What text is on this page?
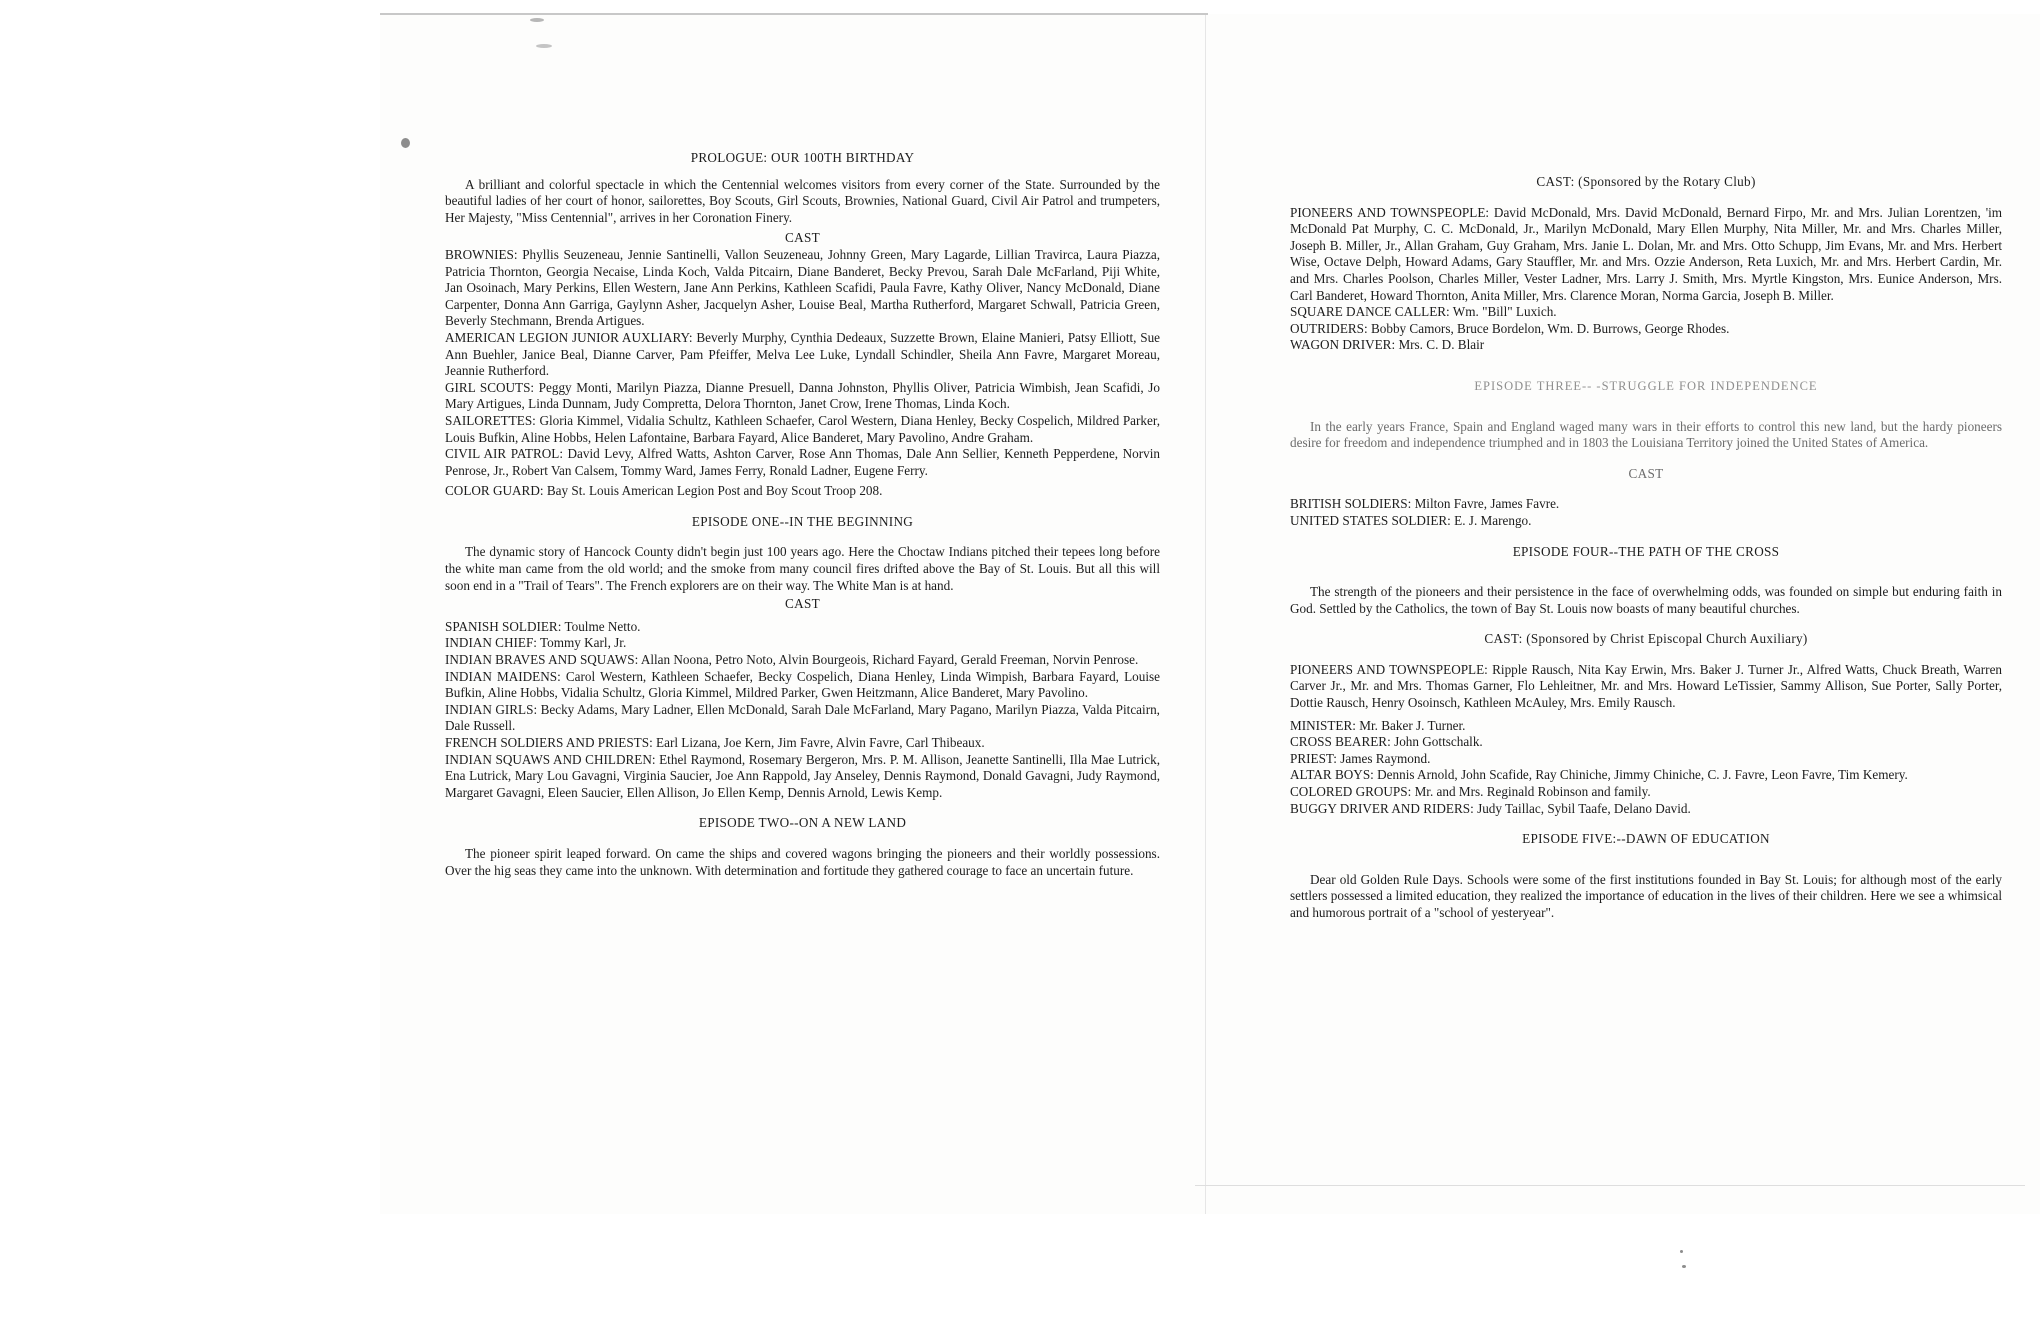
PROLOGUE: OUR 100TH BIRTHDAY

A brilliant and colorful spectacle in which the Centennial welcomes visitors from every corner of the State. Surrounded by the beautiful ladies of her court of honor, sailorettes, Boy Scouts, Girl Scouts, Brownies, National Guard, Civil Air Patrol and trumpeters, Her Majesty, "Miss Centennial", arrives in her Coronation Finery.

CAST

BROWNIES: Phyllis Seuzeneau, Jennie Santinelli, Vallon Seuzeneau, Johnny Green, Mary Lagarde, Lillian Travirca, Laura Piazza, Patricia Thornton, Georgia Necaise, Linda Koch, Valda Pitcairn, Diane Banderet, Becky Prevou, Sarah Dale McFarland, Piji White, Jan Osoinach, Mary Perkins, Ellen Western, Jane Ann Perkins, Kathleen Scafidi, Paula Favre, Kathy Oliver, Nancy McDonald, Diane Carpenter, Donna Ann Garriga, Gaylynn Asher, Jacquelyn Asher, Louise Beal, Martha Rutherford, Margaret Schwall, Patricia Green, Beverly Stechmann, Brenda Artigues.

AMERICAN LEGION JUNIOR AUXLIARY: Beverly Murphy, Cynthia Dedeaux, Suzzette Brown, Elaine Manieri, Patsy Elliott, Sue Ann Buehler, Janice Beal, Dianne Carver, Pam Pfeiffer, Melva Lee Luke, Lyndall Schindler, Sheila Ann Favre, Margaret Moreau, Jeannie Rutherford.

GIRL SCOUTS: Peggy Monti, Marilyn Piazza, Dianne Presuell, Danna Johnston, Phyllis Oliver, Patricia Wimbish, Jean Scafidi, Jo Mary Artigues, Linda Dunnam, Judy Compretta, Delora Thornton, Janet Crow, Irene Thomas, Linda Koch.

SAILORETTES: Gloria Kimmel, Vidalia Schultz, Kathleen Schaefer, Carol Western, Diana Henley, Becky Cospelich, Mildred Parker, Louis Bufkin, Aline Hobbs, Helen Lafontaine, Barbara Fayard, Alice Banderet, Mary Pavolino, Andre Graham.

CIVIL AIR PATROL: David Levy, Alfred Watts, Ashton Carver, Rose Ann Thomas, Dale Ann Sellier, Kenneth Pepperdene, Norvin Penrose, Jr., Robert Van Calsem, Tommy Ward, James Ferry, Ronald Ladner, Eugene Ferry.

COLOR GUARD: Bay St. Louis American Legion Post and Boy Scout Troop 208.

EPISODE ONE--IN THE BEGINNING

The dynamic story of Hancock County didn't begin just 100 years ago. Here the Choctaw Indians pitched their tepees long before the white man came from the old world; and the smoke from many council fires drifted above the Bay of St. Louis. But all this will soon end in a "Trail of Tears". The French explorers are on their way. The White Man is at hand.

CAST

SPANISH SOLDIER: Toulme Netto.

INDIAN CHIEF: Tommy Karl, Jr.

INDIAN BRAVES AND SQUAWS: Allan Noona, Petro Noto, Alvin Bourgeois, Richard Fayard, Gerald Freeman, Norvin Penrose.

INDIAN MAIDENS: Carol Western, Kathleen Schaefer, Becky Cospelich, Diana Henley, Linda Wimpish, Barbara Fayard, Louise Bufkin, Aline Hobbs, Vidalia Schultz, Gloria Kimmel, Mildred Parker, Gwen Heitzmann, Alice Banderet, Mary Pavolino.

INDIAN GIRLS: Becky Adams, Mary Ladner, Ellen McDonald, Sarah Dale McFarland, Mary Pagano, Marilyn Piazza, Valda Pitcairn, Dale Russell.

FRENCH SOLDIERS AND PRIESTS: Earl Lizana, Joe Kern, Jim Favre, Alvin Favre, Carl Thibeaux.

INDIAN SQUAWS AND CHILDREN: Ethel Raymond, Rosemary Bergeron, Mrs. P. M. Allison, Jeanette Santinelli, Illa Mae Lutrick, Ena Lutrick, Mary Lou Gavagni, Virginia Saucier, Joe Ann Rappold, Jay Anseley, Dennis Raymond, Donald Gavagni, Judy Raymond, Margaret Gavagni, Eleen Saucier, Ellen Allison, Jo Ellen Kemp, Dennis Arnold, Lewis Kemp.

EPISODE TWO--ON A NEW LAND

The pioneer spirit leaped forward. On came the ships and covered wagons bringing the pioneers and their worldly possessions. Over the hig seas they came into the unknown. With determination and fortitude they gathered courage to face an uncertain future.

CAST: (Sponsored by the Rotary Club)

PIONEERS AND TOWNSPEOPLE: David McDonald, Mrs. David McDonald, Bernard Firpo, Mr. and Mrs. Julian Lorentzen, 'im McDonald Pat Murphy, C. C. McDonald, Jr., Marilyn McDonald, Mary Ellen Murphy, Nita Miller, Mr. and Mrs. Charles Miller, Joseph B. Miller, Jr., Allan Graham, Guy Graham, Mrs. Janie L. Dolan, Mr. and Mrs. Otto Schupp, Jim Evans, Mr. and Mrs. Herbert Wise, Octave Delph, Howard Adams, Gary Stauffler, Mr. and Mrs. Ozzie Anderson, Reta Luxich, Mr. and Mrs. Herbert Cardin, Mr. and Mrs. Charles Poolson, Charles Miller, Vester Ladner, Mrs. Larry J. Smith, Mrs. Myrtle Kingston, Mrs. Eunice Anderson, Mrs. Carl Banderet, Howard Thornton, Anita Miller, Mrs. Clarence Moran, Norma Garcia, Joseph B. Miller.

SQUARE DANCE CALLER: Wm. "Bill" Luxich.

OUTRIDERS: Bobby Camors, Bruce Bordelon, Wm. D. Burrows, George Rhodes.

WAGON DRIVER: Mrs. C. D. Blair

EPISODE THREE-- -STRUGGLE FOR INDEPENDENCE

In the early years France, Spain and England waged many wars in their efforts to control this new land, but the hardy pioneers desire for freedom and independence triumphed and in 1803 the Louisiana Territory joined the United States of America.

CAST

BRITISH SOLDIERS: Milton Favre, James Favre.

UNITED STATES SOLDIER: E. J. Marengo.

EPISODE FOUR--THE PATH OF THE CROSS

The strength of the pioneers and their persistence in the face of overwhelming odds, was founded on simple but enduring faith in God. Settled by the Catholics, the town of Bay St. Louis now boasts of many beautiful churches.

CAST: (Sponsored by Christ Episcopal Church Auxiliary)

PIONEERS AND TOWNSPEOPLE: Ripple Rausch, Nita Kay Erwin, Mrs. Baker J. Turner Jr., Alfred Watts, Chuck Breath, Warren Carver Jr., Mr. and Mrs. Thomas Garner, Flo Lehleitner, Mr. and Mrs. Howard LeTissier, Sammy Allison, Sue Porter, Sally Porter, Dottie Rausch, Henry Osoinsch, Kathleen McAuley, Mrs. Emily Rausch.

MINISTER: Mr. Baker J. Turner.

CROSS BEARER: John Gottschalk.

PRIEST: James Raymond.

ALTAR BOYS: Dennis Arnold, John Scafide, Ray Chiniche, Jimmy Chiniche, C. J. Favre, Leon Favre, Tim Kemery.

COLORED GROUPS: Mr. and Mrs. Reginald Robinson and family.

BUGGY DRIVER AND RIDERS: Judy Taillac, Sybil Taafe, Delano David.

EPISODE FIVE:--DAWN OF EDUCATION

Dear old Golden Rule Days. Schools were some of the first institutions founded in Bay St. Louis; for although most of the early settlers possessed a limited education, they realized the importance of education in the lives of their children. Here we see a whimsical and humorous portrait of a "school of yesteryear".
